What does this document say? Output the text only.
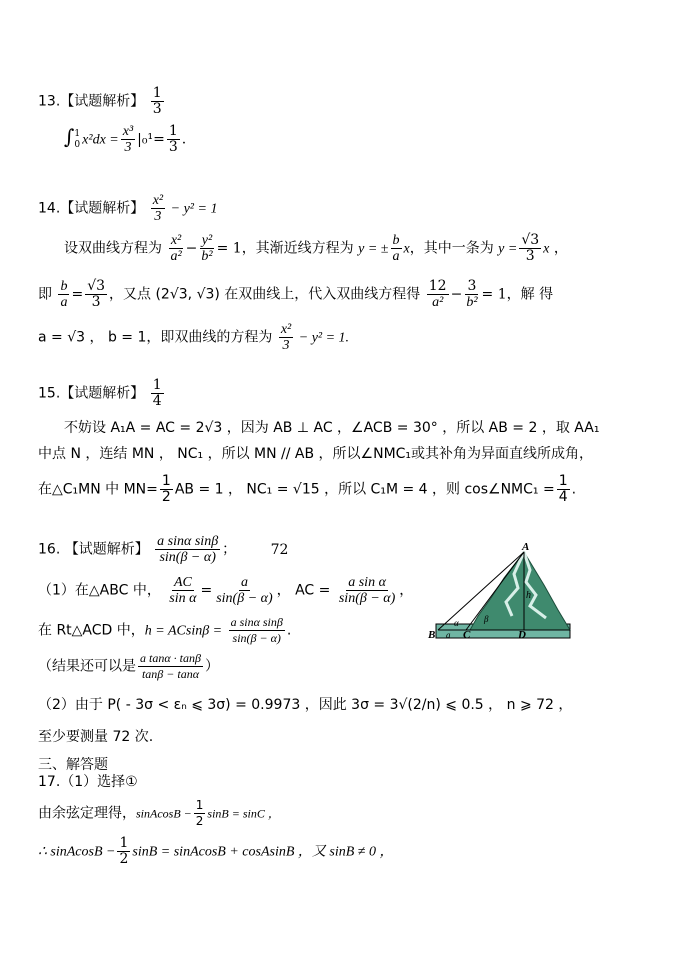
13.【试题解析】 $\frac{1}{3}$
∫ 1
0 $x^2dx = \frac{\text{x³}}{3} |_0^1= \frac{1}{3}$ .
14.【试题解析】 $\frac{\text{x²}}{3} - y^2 = 1$
设双曲线方程为 $\frac{\text{x²}}{\text{a²}} - \frac{\text{y²}}{\text{b²}} = 1$，其渐近线方程为 y = ± $\frac{b}{a}$ x，其中一条为 $y = \frac{√3}{3}$ x ，
即 $\frac{b}{a} = \frac{√3}{3}$ ，又点 (2√3, √3) 在双曲线上，代入双曲线方程得 $\frac{12}{\text{a²}} - \frac{3}{\text{b²}} = 1$，解 得
a = √3 ， b = 1，即双曲线的方程为 $\frac{\text{x²}}{3} - y^2 = 1$.
15.【试题解析】 $\frac{1}{4}$
不妨设 A₁A = AC = 2√3 ，因为 AB ⊥ AC ，∠ACB = 30° ，所以 AB = 2 ，取 AA₁
中点 N ，连结 MN ， NC₁ ，所以 MN // AB ，所以∠NMC₁或其补角为异面直线所成角，
在△C₁MN 中 $MN= \frac{1}{2}$ AB = 1 ， NC₁ = √15 ，所以 C₁M = 4 ，则 cos∠NMC₁ = $\frac{1}{4}$ .
16. 【试题解析】 $\frac{\text{a sinα sinβ}}{\sin(\beta - \alpha)}$ ； 72
（1）在△ABC 中， $\frac{AC}{\text{sin α}} = \frac{a}{\sin(\beta - \alpha)}$ ， AC = $\frac{\text{a sin α}}{\sin(\beta - \alpha)}$ ，
在 Rt△ACD 中，$h = ACsin\beta = \frac{\text{a sinα sinβ}}{\sin(\beta - \alpha)}$ .
（结果还可以是 $\frac{\text{a tanα · tanβ}}{\tan\beta - \tan\alpha}$ ）
（2）由于 P( - 3σ < εₙ ⩽ 3σ) = 0.9973 ，因此 3σ = 3√(2/n) ⩽ 0.5 ， n ⩾ 72 ，
至少要测量 72 次.
A
B	C	D
h
α	β
a
三、解答题
17.（1）选择①
由余弦定理得，sinAcosB − $\frac{1}{2}$ sinB = sinC ，
∴ sinAcosB − $\frac{1}{2}$ sinB = sinAcosB + cosAsinB ，又 sinB ≠ 0 ，
